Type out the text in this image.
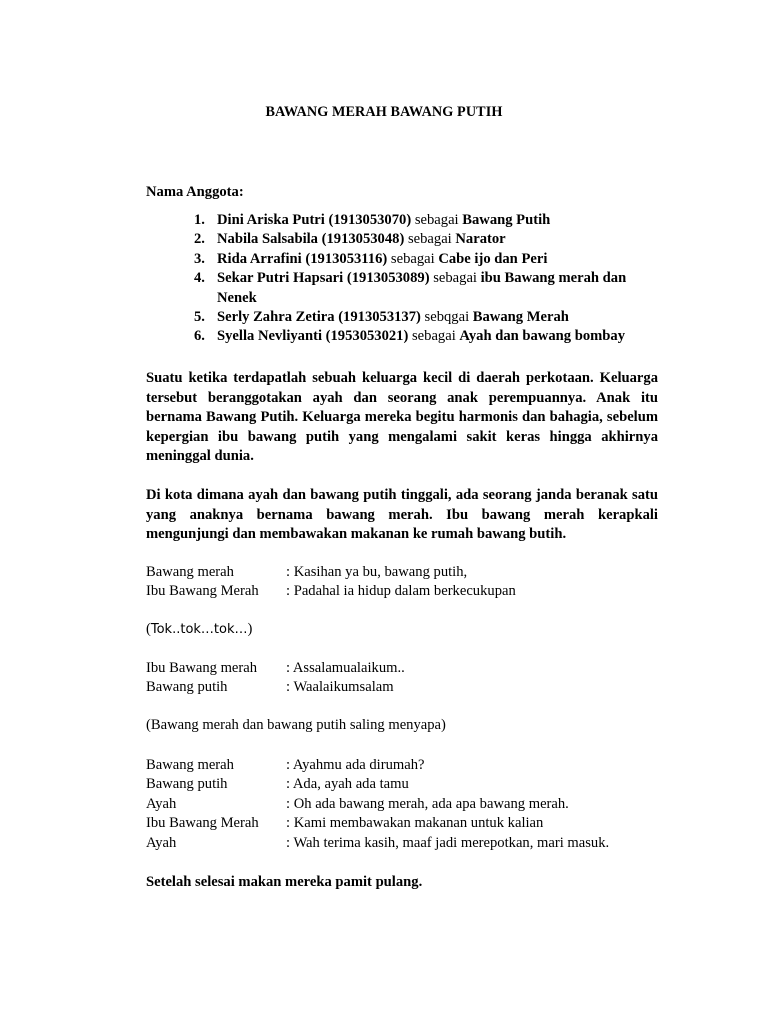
BAWANG MERAH BAWANG PUTIH
Nama Anggota:
1. Dini Ariska Putri (1913053070) sebagai Bawang Putih
2. Nabila Salsabila (1913053048) sebagai Narator
3. Rida Arrafini (1913053116) sebagai Cabe ijo dan Peri
4. Sekar Putri Hapsari (1913053089) sebagai ibu Bawang merah dan
Nenek
5. Serly Zahra Zetira (1913053137) sebqgai Bawang Merah
6. Syella Nevliyanti (1953053021) sebagai Ayah dan bawang bombay

Suatu ketika terdapatlah sebuah keluarga kecil di daerah perkotaan. Keluarga tersebut beranggotakan ayah dan seorang anak perempuannya. Anak itu bernama Bawang Putih. Keluarga mereka begitu harmonis dan bahagia, sebelum kepergian ibu bawang putih yang mengalami sakit keras hingga akhirnya meninggal dunia.

Di kota dimana ayah dan bawang putih tinggali, ada seorang janda beranak satu yang anaknya bernama bawang merah. Ibu bawang merah kerapkali mengunjungi dan membawakan makanan ke rumah bawang butih.

Bawang merah	: Kasihan ya bu, bawang putih,
Ibu Bawang Merah : Padahal ia hidup dalam berkecukupan
(Tok..tok…tok…)
Ibu Bawang merah : Assalamualaikum..
Bawang putih	: Waalaikumsalam
(Bawang merah dan bawang putih saling menyapa)
Bawang merah	: Ayahmu ada dirumah?
Bawang putih	: Ada, ayah ada tamu
Ayah	: Oh ada bawang merah, ada apa bawang merah.
Ibu Bawang Merah : Kami membawakan makanan untuk kalian
Ayah	: Wah terima kasih, maaf jadi merepotkan, mari masuk.
Setelah selesai makan mereka pamit pulang.
